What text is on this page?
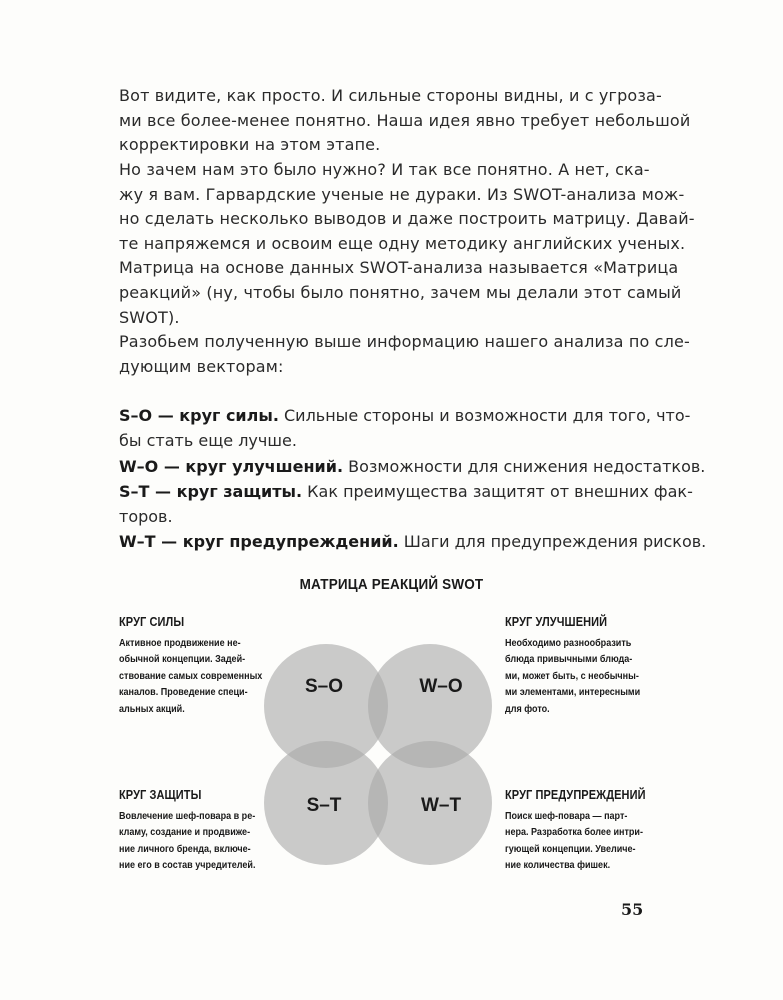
Вот видите, как просто. И сильные стороны видны, и с угроза-
ми все более-менее понятно. Наша идея явно требует небольшой
корректировки на этом этапе.
Но зачем нам это было нужно? И так все понятно. А нет, ска-
жу я вам. Гарвардские ученые не дураки. Из SWOT-анализа мож-
но сделать несколько выводов и даже построить матрицу. Давай-
те напряжемся и освоим еще одну методику английских ученых.
Матрица на основе данных SWOT-анализа называется «Матрица
реакций» (ну, чтобы было понятно, зачем мы делали этот самый
SWOT).
Разобьем полученную выше информацию нашего анализа по сле-
дующим векторам:
S–O — круг силы. Сильные стороны и возможности для того, что-
бы стать еще лучше.
W–O — круг улучшений. Возможности для снижения недостатков.
S–T — круг защиты. Как преимущества защитят от внешних фак-
торов.
W–T — круг предупреждений. Шаги для предупреждения рисков.
МАТРИЦА РЕАКЦИЙ SWOT
КРУГ СИЛЫ
Активное продвижение не-
обычной концепции. Задей-
ствование самых современных
каналов. Проведение специ-
альных акций.
КРУГ УЛУЧШЕНИЙ
Необходимо разнообразить
блюда привычными блюда-
ми, может быть, с необычны-
ми элементами, интересными
для фото.
КРУГ ЗАЩИТЫ
Вовлечение шеф-повара в ре-
кламу, создание и продвиже-
ние личного бренда, включе-
ние его в состав учредителей.
КРУГ ПРЕДУПРЕЖДЕНИЙ
Поиск шеф-повара — парт-
нера. Разработка более интри-
гующей концепции. Увеличе-
ние количества фишек.
S–O	W–O
S–T	W–T
55
